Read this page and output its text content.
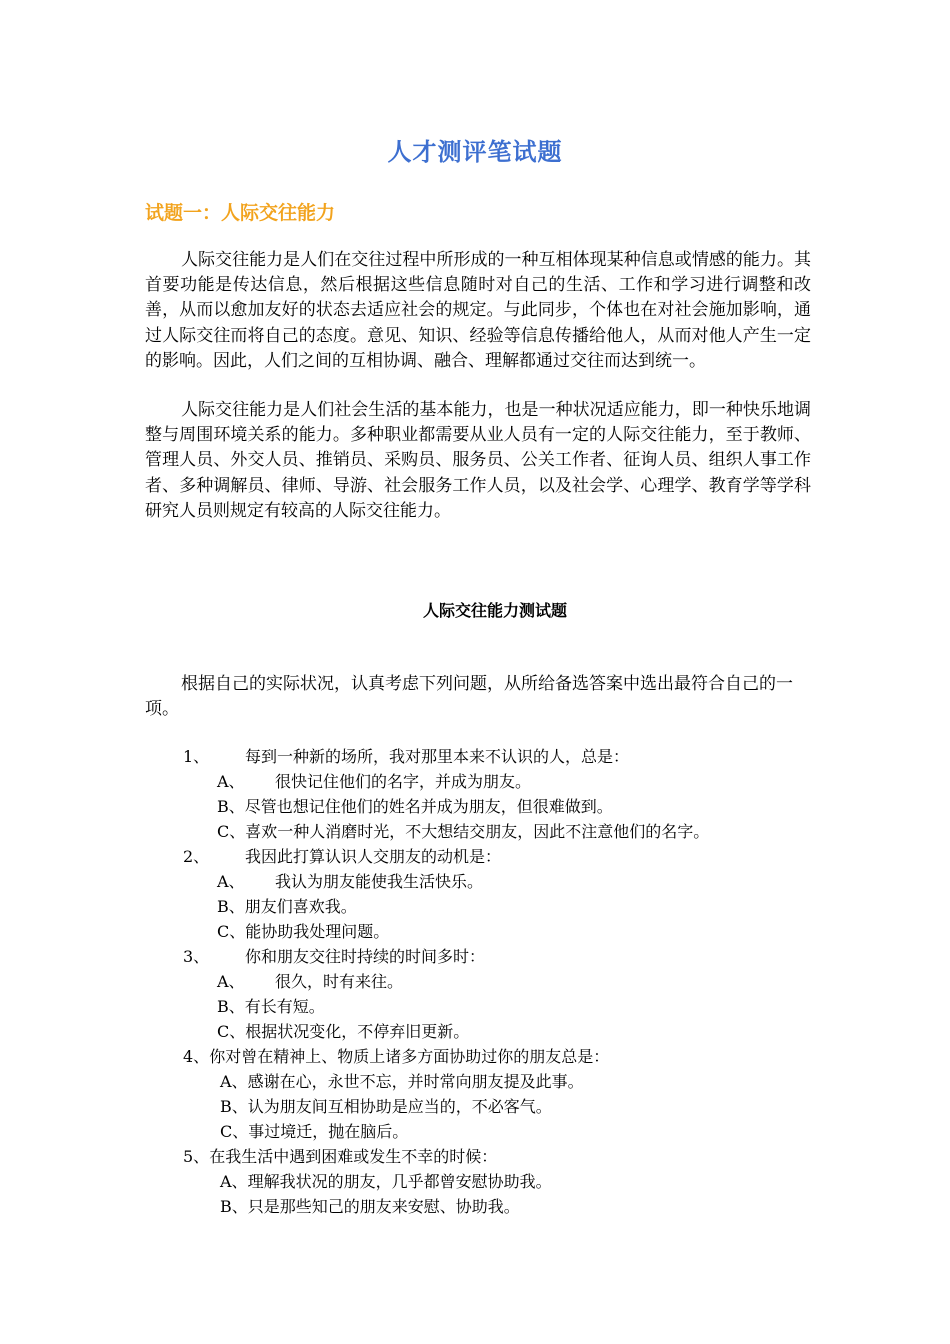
人才测评笔试题
试题一：人际交往能力

人际交往能力是人们在交往过程中所形成的一种互相体现某种信息或情感的能力。其首要功能是传达信息，然后根据这些信息随时对自己的生活、工作和学习进行调整和改善，从而以愈加友好的状态去适应社会的规定。与此同步，个体也在对社会施加影响，通过人际交往而将自己的态度。意见、知识、经验等信息传播给他人，从而对他人产生一定的影响。因此，人们之间的互相协调、融合、理解都通过交往而达到统一。

人际交往能力是人们社会生活的基本能力，也是一种状况适应能力，即一种快乐地调整与周围环境关系的能力。多种职业都需要从业人员有一定的人际交往能力，至于教师、管理人员、外交人员、推销员、采购员、服务员、公关工作者、征询人员、组织人事工作者、多种调解员、律师、导游、社会服务工作人员，以及社会学、心理学、教育学等学科研究人员则规定有较高的人际交往能力。

人际交往能力测试题

根据自己的实际状况，认真考虑下列问题，从所给备选答案中选出最符合自己的一项。

1、 每到一种新的场所，我对那里本来不认识的人，总是：
A、 很快记住他们的名字，并成为朋友。
B、尽管也想记住他们的姓名并成为朋友，但很难做到。
C、喜欢一种人消磨时光，不大想结交朋友，因此不注意他们的名字。
2、 我因此打算认识人交朋友的动机是：
A、 我认为朋友能使我生活快乐。
B、朋友们喜欢我。
C、能协助我处理问题。
3、 你和朋友交往时持续的时间多时：
A、 很久，时有来往。
B、有长有短。
C、根据状况变化，不停弃旧更新。
4、你对曾在精神上、物质上诸多方面协助过你的朋友总是：
A、感谢在心，永世不忘，并时常向朋友提及此事。
B、认为朋友间互相协助是应当的，不必客气。
C、事过境迁，抛在脑后。
5、在我生活中遇到困难或发生不幸的时候：
A、理解我状况的朋友，几乎都曾安慰协助我。
B、只是那些知己的朋友来安慰、协助我。
